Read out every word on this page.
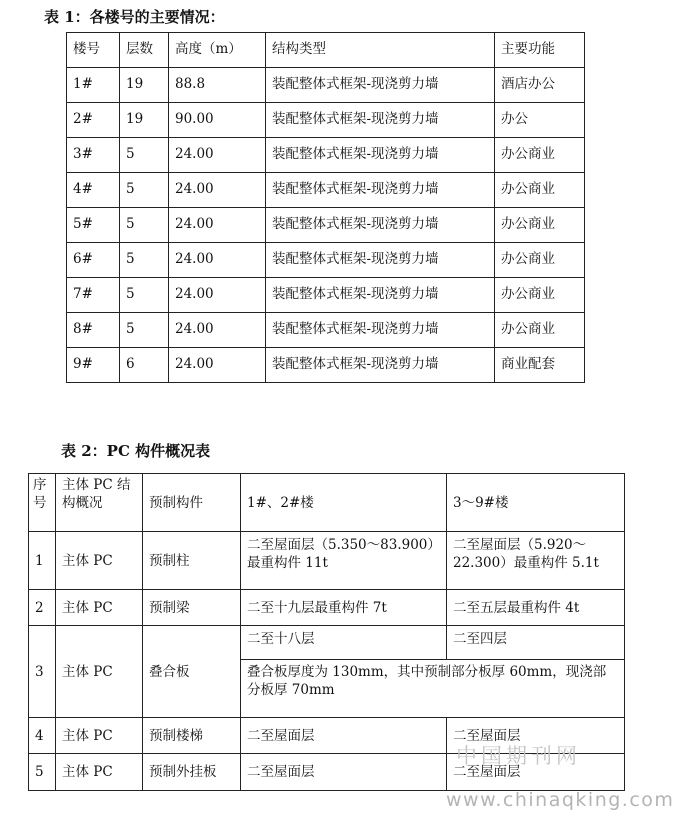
表 1：各楼号的主要情况：
楼号	层数	高度（m）	结构类型	主要功能
1#	19	88.8	装配整体式框架-现浇剪力墙	酒店办公
2#	19	90.00	装配整体式框架-现浇剪力墙	办公
3#	5	24.00	装配整体式框架-现浇剪力墙	办公商业
4#	5	24.00	装配整体式框架-现浇剪力墙	办公商业
5#	5	24.00	装配整体式框架-现浇剪力墙	办公商业
6#	5	24.00	装配整体式框架-现浇剪力墙	办公商业
7#	5	24.00	装配整体式框架-现浇剪力墙	办公商业
8#	5	24.00	装配整体式框架-现浇剪力墙	办公商业
9#	6	24.00	装配整体式框架-现浇剪力墙	商业配套
表 2：PC 构件概况表
序号	主体 PC 结构概况	预制构件	1#、2#楼	3～9#楼
1	主体 PC	预制柱	二至屋面层（5.350～83.900）最重构件 11t	二至屋面层（5.920～22.300）最重构件 5.1t
2	主体 PC	预制梁	二至十九层最重构件 7t	二至五层最重构件 4t
3	主体 PC	叠合板	二至十八层	二至四层
			叠合板厚度为 130mm，其中预制部分板厚 60mm，现浇部分板厚 70mm	
4	主体 PC	预制楼梯	二至屋面层	二至屋面层
5	主体 PC	预制外挂板	二至屋面层	二至屋面层
中国期刊网
www.chinaqking.com
